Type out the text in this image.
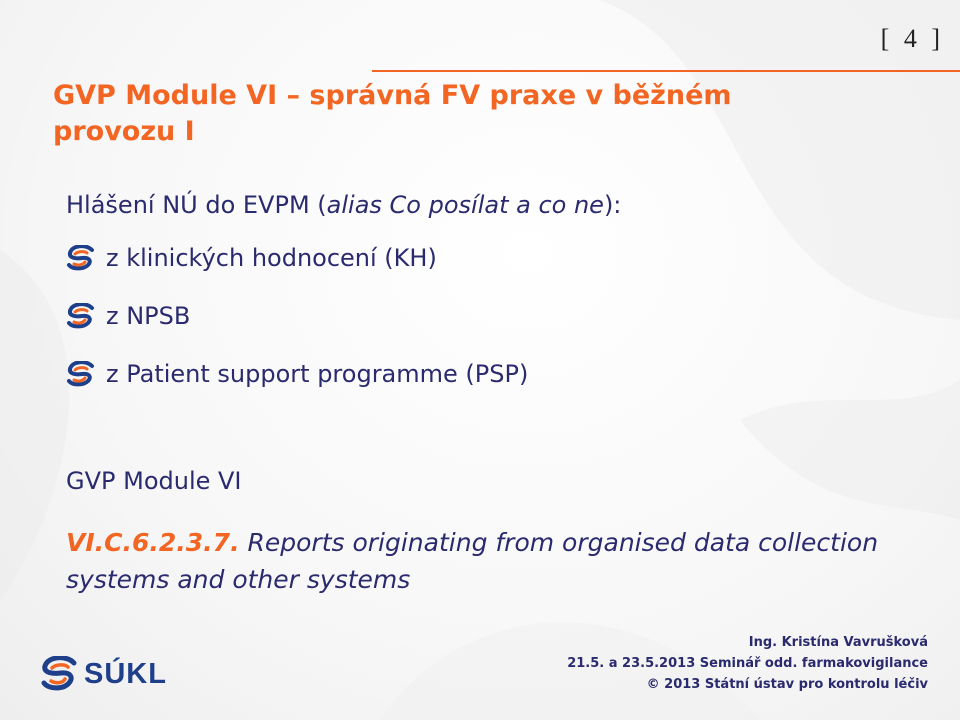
[ 4 ]
GVP Module VI – správná FV praxe v běžném provozu I

Hlášení NÚ do EVPM (alias Co posílat a co ne):

z klinických hodnocení (KH)
z NPSB
z Patient support programme (PSP)

GVP Module VI

VI.C.6.2.3.7. Reports originating from organised data collection systems and other systems

SÚKL
Ing. Kristína Vavrušková
21.5. a 23.5.2013 Seminář odd. farmakovigilance
© 2013 Státní ústav pro kontrolu léčiv
